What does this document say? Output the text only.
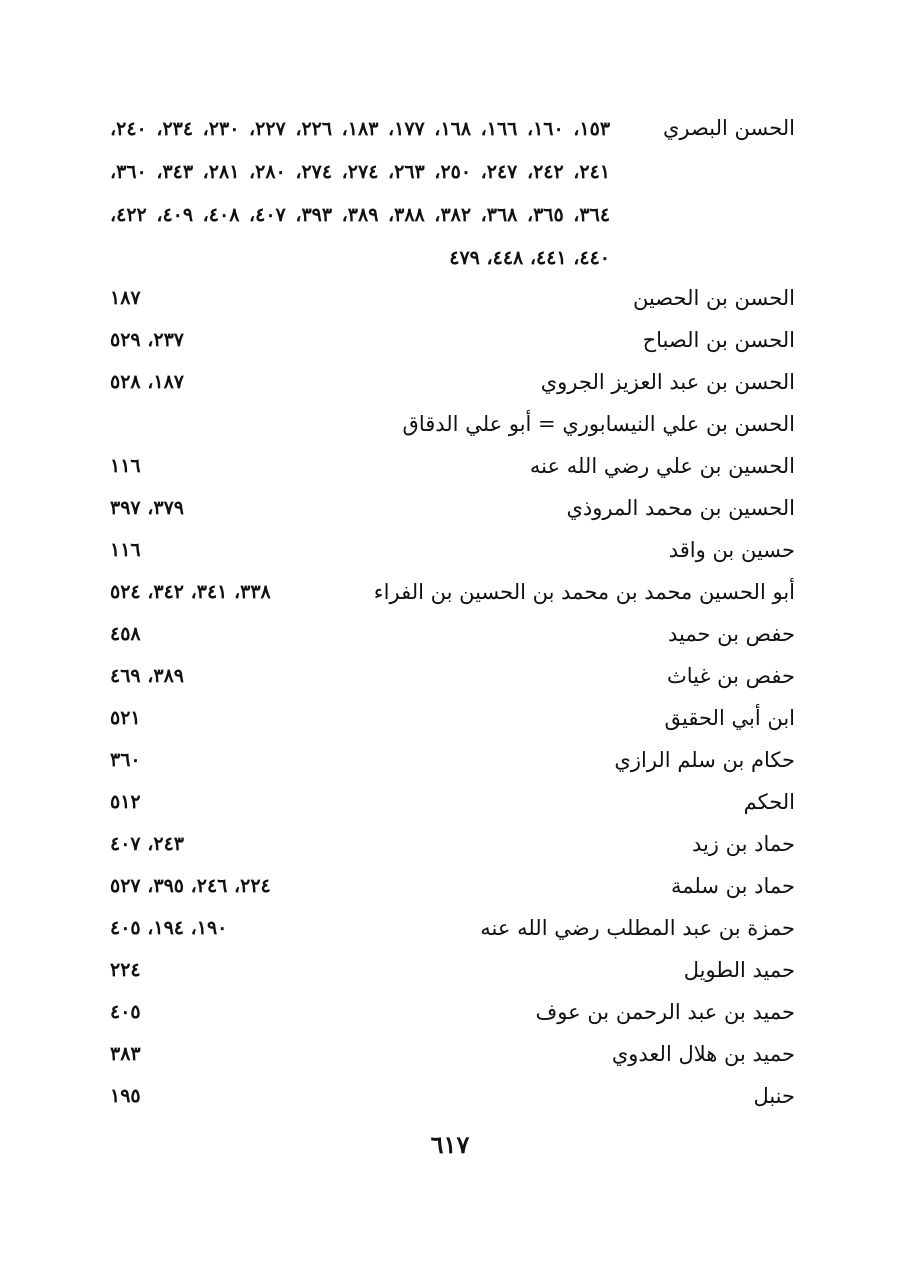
الحسن البصري
١٥٣، ١٦٠، ١٦٦، ١٦٨، ١٧٧، ١٨٣، ٢٢٦، ٢٢٧، ٢٣٠، ٢٣٤، ٢٤٠، ٢٤١، ٢٤٢، ٢٤٧، ٢٥٠، ٢٦٣، ٢٧٤، ٢٧٤، ٢٨٠، ٢٨١، ٣٤٣، ٣٦٠، ٣٦٤، ٣٦٥، ٣٦٨، ٣٨٢، ٣٨٨، ٣٨٩، ٣٩٣، ٤٠٧، ٤٠٨، ٤٠٩، ٤٢٢، ٤٤٠، ٤٤١، ٤٤٨، ٤٧٩
الحسن بن الحصين
١٨٧
الحسن بن الصباح
٢٣٧، ٥٢٩
الحسن بن عبد العزيز الجروي
١٨٧، ٥٢٨
الحسن بن علي النيسابوري = أبو علي الدقاق
الحسين بن علي رضي الله عنه
١١٦
الحسين بن محمد المروذي
٣٧٩، ٣٩٧
حسين بن واقد
١١٦
أبو الحسين محمد بن محمد بن الحسين بن الفراء
٣٣٨، ٣٤١، ٣٤٢، ٥٢٤
حفص بن حميد
٤٥٨
حفص بن غياث
٣٨٩، ٤٦٩
ابن أبي الحقيق
٥٢١
حكام بن سلم الرازي
٣٦٠
الحكم
٥١٢
حماد بن زيد
٢٤٣، ٤٠٧
حماد بن سلمة
٢٢٤، ٢٤٦، ٣٩٥، ٥٢٧
حمزة بن عبد المطلب رضي الله عنه
١٩٠، ١٩٤، ٤٠٥
حميد الطويل
٢٢٤
حميد بن عبد الرحمن بن عوف
٤٠٥
حميد بن هلال العدوي
٣٨٣
حنبل
١٩٥
٦١٧
